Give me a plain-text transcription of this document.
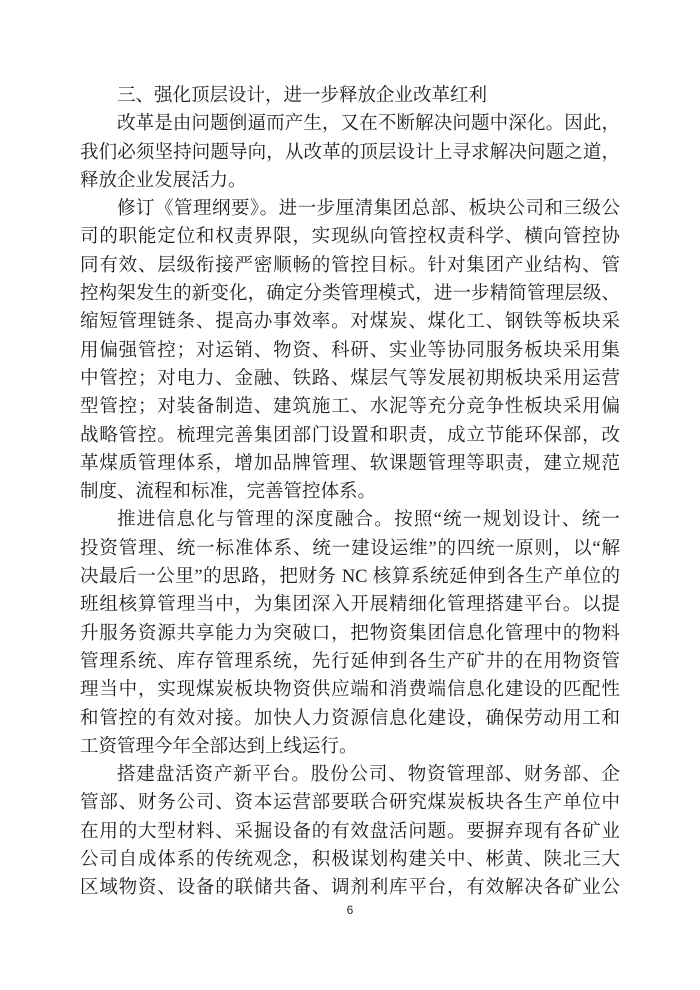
三、强化顶层设计，进一步释放企业改革红利
改革是由问题倒逼而产生，又在不断解决问题中深化。因此，
我们必须坚持问题导向，从改革的顶层设计上寻求解决问题之道，
释放企业发展活力。
修订《管理纲要》。进一步厘清集团总部、板块公司和三级公
司的职能定位和权责界限，实现纵向管控权责科学、横向管控协
同有效、层级衔接严密顺畅的管控目标。针对集团产业结构、管
控构架发生的新变化，确定分类管理模式，进一步精简管理层级、
缩短管理链条、提高办事效率。对煤炭、煤化工、钢铁等板块采
用偏强管控；对运销、物资、科研、实业等协同服务板块采用集
中管控；对电力、金融、铁路、煤层气等发展初期板块采用运营
型管控；对装备制造、建筑施工、水泥等充分竞争性板块采用偏
战略管控。梳理完善集团部门设置和职责，成立节能环保部，改
革煤质管理体系，增加品牌管理、软课题管理等职责，建立规范
制度、流程和标准，完善管控体系。
推进信息化与管理的深度融合。按照“统一规划设计、统一
投资管理、统一标准体系、统一建设运维”的四统一原则，以“解
决最后一公里”的思路，把财务 NC 核算系统延伸到各生产单位的
班组核算管理当中，为集团深入开展精细化管理搭建平台。以提
升服务资源共享能力为突破口，把物资集团信息化管理中的物料
管理系统、库存管理系统，先行延伸到各生产矿井的在用物资管
理当中，实现煤炭板块物资供应端和消费端信息化建设的匹配性
和管控的有效对接。加快人力资源信息化建设，确保劳动用工和
工资管理今年全部达到上线运行。
搭建盘活资产新平台。股份公司、物资管理部、财务部、企
管部、财务公司、资本运营部要联合研究煤炭板块各生产单位中
在用的大型材料、采掘设备的有效盘活问题。要摒弃现有各矿业
公司自成体系的传统观念，积极谋划构建关中、彬黄、陕北三大
区域物资、设备的联储共备、调剂利库平台，有效解决各矿业公
6
